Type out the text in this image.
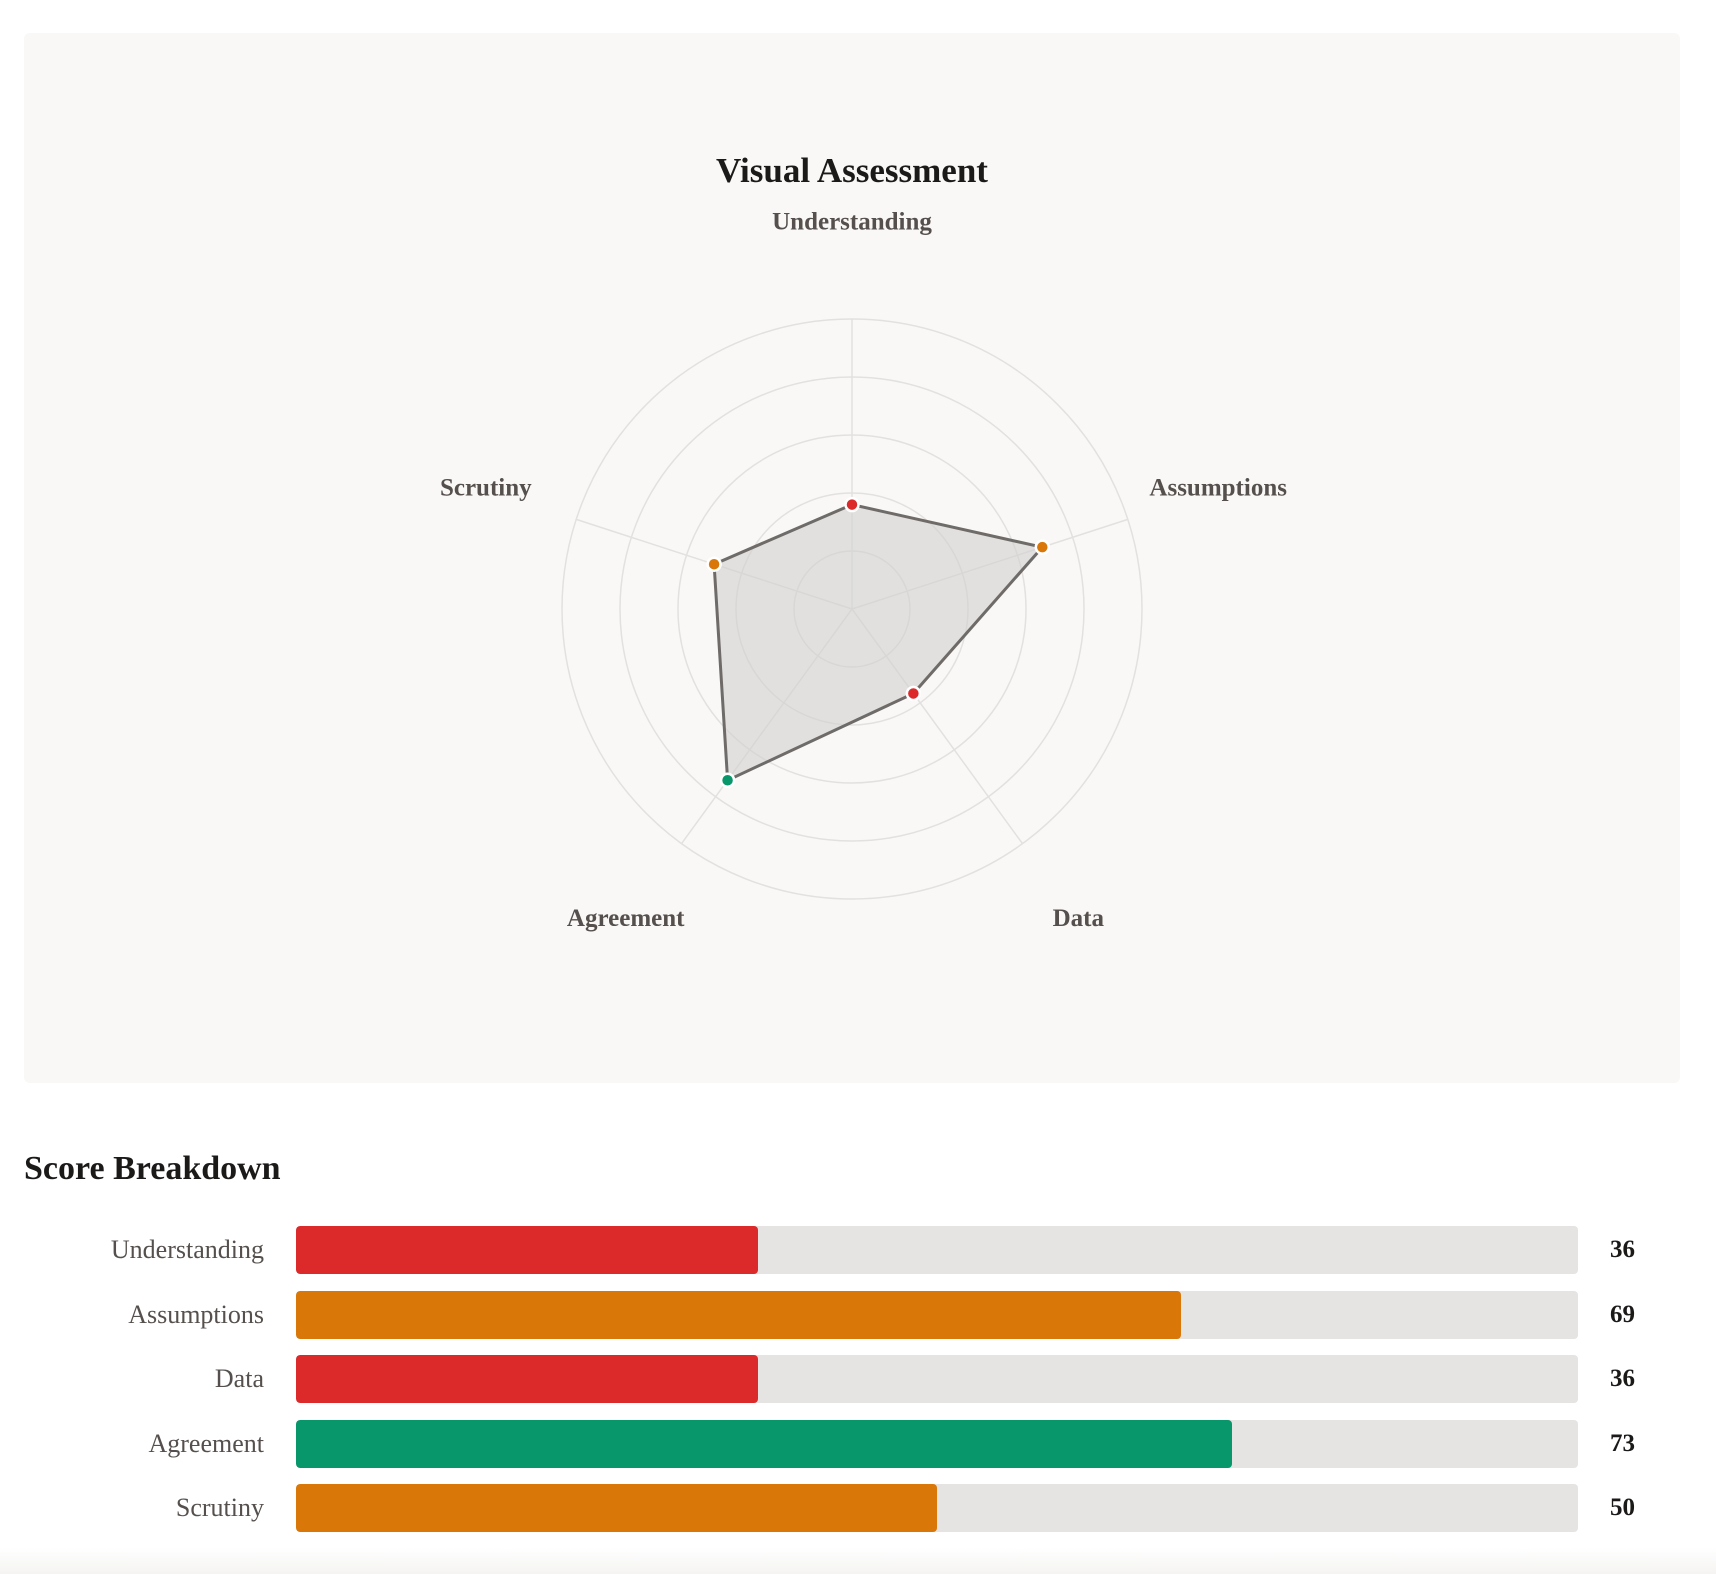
Visual Assessment
Understanding
Assumptions
Data
Agreement
Scrutiny
Score Breakdown
Understanding	36
Assumptions	69
Data	36
Agreement	73
Scrutiny	50
